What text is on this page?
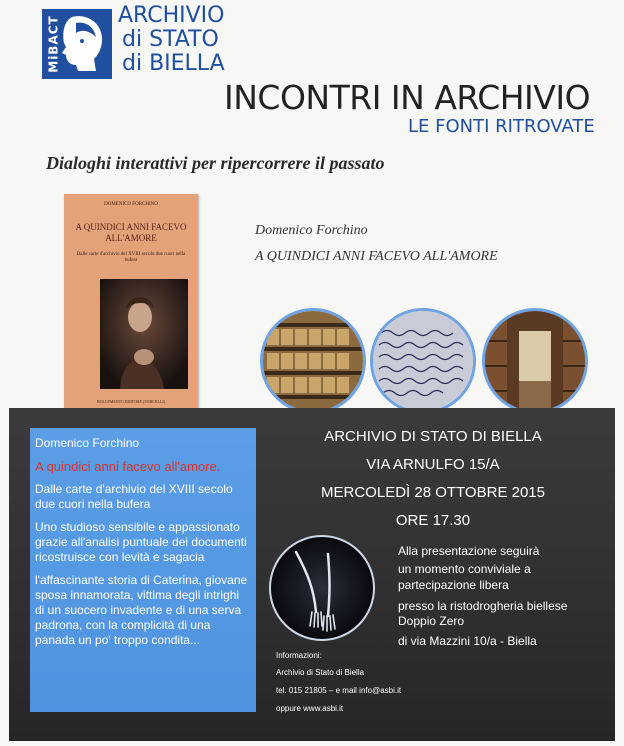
MiBACT	ARCHIVIO
di STATO
di BIELLA
INCONTRI IN ARCHIVIO
LE FONTI RITROVATE
Dialoghi interattivi per ripercorrere il passato
DOMENICO FORCHINO
A QUINDICI ANNI FACEVO ALL'AMORE
Dalle carte d'archivio del XVIII secolo due cuori nella bufera
BOLLEMENTO EDITORE (VERCELLI)
Domenico Forchino
A QUINDICI ANNI FACEVO ALL'AMORE

Domenico Forchino

A quindici anni facevo all'amore.

Dalle carte d'archivio del XVIII secolo due cuori nella bufera

Uno studioso sensibile e appassionato grazie all'analisi puntuale dei documenti ricostruisce con levità e sagacia

l'affascinante storia di Caterina, giovane sposa innamorata, vittima degli intrighi di un suocero invadente e di una serva padrona, con la complicità di una panada un po' troppo condita...

ARCHIVIO DI STATO DI BIELLA
VIA ARNULFO 15/A
MERCOLEDÌ 28 OTTOBRE 2015
ORE 17.30
Alla presentazione seguirà
un momento conviviale a
partecipazione libera
presso la ristodrogheria biellese
Doppio Zero
di via Mazzini 10/a - Biella
Informazioni:
Archivio di Stato di Biella
tel. 015 21805 – e mail info@asbi.it
oppure www.asbi.it
